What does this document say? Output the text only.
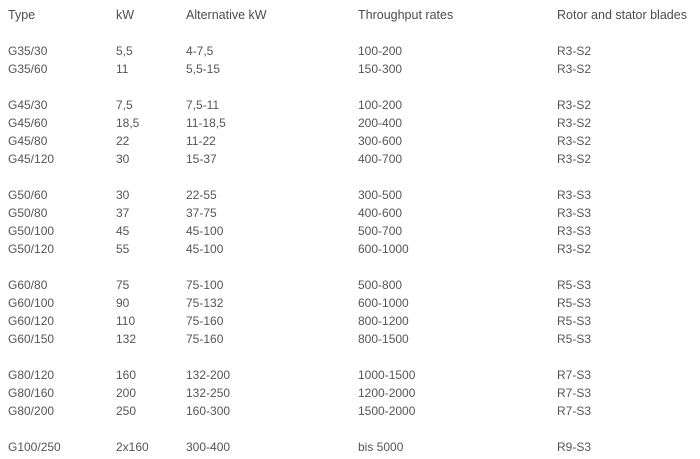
Type	kW	Alternative kW	Throughput rates	Rotor and stator blades
G35/30	5,5	4-7,5	100-200	R3-S2
G35/60	11	5,5-15	150-300	R3-S2
G45/30	7,5	7,5-11	100-200	R3-S2
G45/60	18,5	11-18,5	200-400	R3-S2
G45/80	22	11-22	300-600	R3-S2
G45/120	30	15-37	400-700	R3-S2
G50/60	30	22-55	300-500	R3-S3
G50/80	37	37-75	400-600	R3-S3
G50/100	45	45-100	500-700	R3-S3
G50/120	55	45-100	600-1000	R3-S2
G60/80	75	75-100	500-800	R5-S3
G60/100	90	75-132	600-1000	R5-S3
G60/120	110	75-160	800-1200	R5-S3
G60/150	132	75-160	800-1500	R5-S3
G80/120	160	132-200	1000-1500	R7-S3
G80/160	200	132-250	1200-2000	R7-S3
G80/200	250	160-300	1500-2000	R7-S3
G100/250	2x160	300-400	bis 5000	R9-S3
